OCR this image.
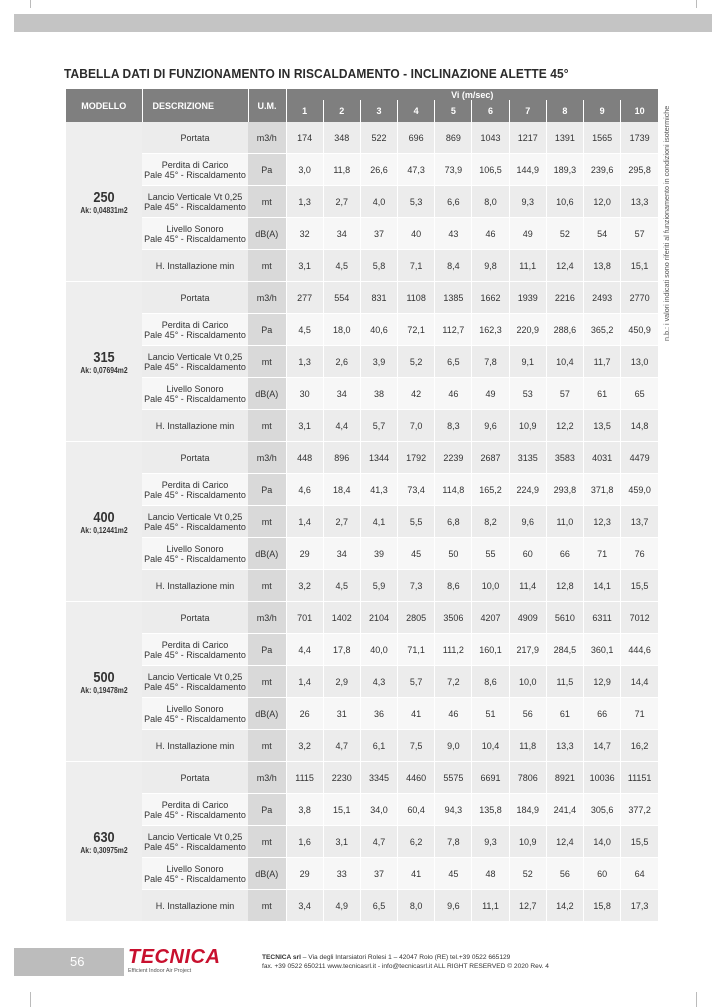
TABELLA DATI DI FUNZIONAMENTO IN RISCALDAMENTO - INCLINAZIONE ALETTE 45°
MODELLO	DESCRIZIONE	U.M.	Vi (m/sec)									
			1	2	3	4	5	6	7	8	9	10

250
Ak: 0,04831m2	Portata	m3/h	174	348	522	696	869	1043	1217	1391	1565	1739

	Perdita di Carico
Pale 45° - Riscaldamento	Pa	3,0	11,8	26,6	47,3	73,9	106,5	144,9	189,3	239,6	295,8

	Lancio Verticale Vt 0,25
Pale 45° - Riscaldamento	mt	1,3	2,7	4,0	5,3	6,6	8,0	9,3	10,6	12,0	13,3

	Livello Sonoro
Pale 45° - Riscaldamento	dB(A)	32	34	37	40	43	46	49	52	54	57

	H. Installazione min	mt	3,1	4,5	5,8	7,1	8,4	9,8	11,1	12,4	13,8	15,1

315
Ak: 0,07694m2	Portata	m3/h	277	554	831	1108	1385	1662	1939	2216	2493	2770

	Perdita di Carico
Pale 45° - Riscaldamento	Pa	4,5	18,0	40,6	72,1	112,7	162,3	220,9	288,6	365,2	450,9

	Lancio Verticale Vt 0,25
Pale 45° - Riscaldamento	mt	1,3	2,6	3,9	5,2	6,5	7,8	9,1	10,4	11,7	13,0

	Livello Sonoro
Pale 45° - Riscaldamento	dB(A)	30	34	38	42	46	49	53	57	61	65

	H. Installazione min	mt	3,1	4,4	5,7	7,0	8,3	9,6	10,9	12,2	13,5	14,8

400
Ak: 0,12441m2	Portata	m3/h	448	896	1344	1792	2239	2687	3135	3583	4031	4479

	Perdita di Carico
Pale 45° - Riscaldamento	Pa	4,6	18,4	41,3	73,4	114,8	165,2	224,9	293,8	371,8	459,0

	Lancio Verticale Vt 0,25
Pale 45° - Riscaldamento	mt	1,4	2,7	4,1	5,5	6,8	8,2	9,6	11,0	12,3	13,7

	Livello Sonoro
Pale 45° - Riscaldamento	dB(A)	29	34	39	45	50	55	60	66	71	76

	H. Installazione min	mt	3,2	4,5	5,9	7,3	8,6	10,0	11,4	12,8	14,1	15,5

500
Ak: 0,19478m2	Portata	m3/h	701	1402	2104	2805	3506	4207	4909	5610	6311	7012

	Perdita di Carico
Pale 45° - Riscaldamento	Pa	4,4	17,8	40,0	71,1	111,2	160,1	217,9	284,5	360,1	444,6

	Lancio Verticale Vt 0,25
Pale 45° - Riscaldamento	mt	1,4	2,9	4,3	5,7	7,2	8,6	10,0	11,5	12,9	14,4

	Livello Sonoro
Pale 45° - Riscaldamento	dB(A)	26	31	36	41	46	51	56	61	66	71

	H. Installazione min	mt	3,2	4,7	6,1	7,5	9,0	10,4	11,8	13,3	14,7	16,2

630
Ak: 0,30975m2	Portata	m3/h	1115	2230	3345	4460	5575	6691	7806	8921	10036	11151

	Perdita di Carico
Pale 45° - Riscaldamento	Pa	3,8	15,1	34,0	60,4	94,3	135,8	184,9	241,4	305,6	377,2

	Lancio Verticale Vt 0,25
Pale 45° - Riscaldamento	mt	1,6	3,1	4,7	6,2	7,8	9,3	10,9	12,4	14,0	15,5

	Livello Sonoro
Pale 45° - Riscaldamento	dB(A)	29	33	37	41	45	48	52	56	60	64

	H. Installazione min	mt	3,4	4,9	6,5	8,0	9,6	11,1	12,7	14,2	15,8	17,3
n.b.: i valori indicati sono riferiti al funzionamento in condizioni isotermiche
56	TECNICA
Efficient Indoor Air Project
TECNICA srl – Via degli Intarsiatori Rolesi 1 – 42047 Rolo (RE) tel.+39 0522 665129
fax. +39 0522 650211 www.tecnicasrl.it - info@tecnicasrl.it ALL RIGHT RESERVED © 2020 Rev. 4
